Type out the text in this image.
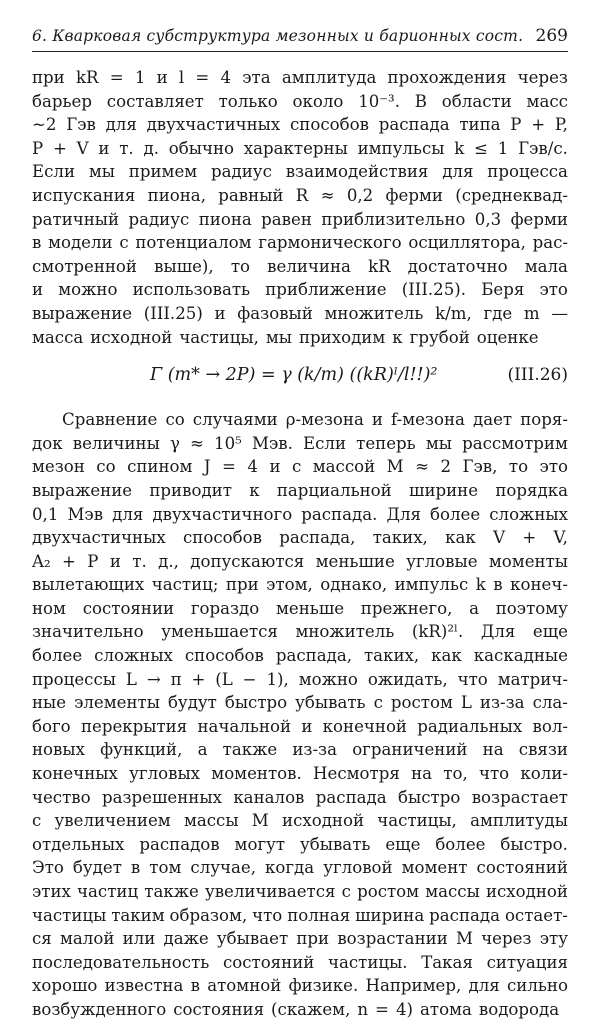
6. Кварковая субструктура мезонных и барионных сост. 269
при kR = 1 и l = 4 эта амплитуда прохождения через
барьер составляет только около 10⁻³. В области масс
~2 Гэв для двухчастичных способов распада типа P + P,
P + V и т. д. обычно характерны импульсы k ≤ 1 Гэв/с.
Если мы примем радиус взаимодействия для процесса
испускания пиона, равный R ≈ 0,2 ферми (среднеквад-
ратичный радиус пиона равен приблизительно 0,3 ферми
в модели с потенциалом гармонического осциллятора, рас-
смотренной выше), то величина kR достаточно мала
и можно использовать приближение (III.25). Беря это
выражение (III.25) и фазовый множитель k/m, где m —
масса исходной частицы, мы приходим к грубой оценке
Γ (m* → 2P) = γ (k/m) ((kR)ˡ/l!!)²	(III.26)
Сравнение со случаями ρ-мезона и f-мезона дает поря-
док величины γ ≈ 10⁵ Мэв. Если теперь мы рассмотрим
мезон со спином J = 4 и с массой M ≈ 2 Гэв, то это
выражение приводит к парциальной ширине порядка
0,1 Мэв для двухчастичного распада. Для более сложных
двухчастичных способов распада, таких, как V + V,
A₂ + P и т. д., допускаются меньшие угловые моменты
вылетающих частиц; при этом, однако, импульс k в конеч-
ном состоянии гораздо меньше прежнего, а поэтому
значительно уменьшается множитель (kR)²ˡ. Для еще
более сложных способов распада, таких, как каскадные
процессы L → π + (L − 1), можно ожидать, что матрич-
ные элементы будут быстро убывать с ростом L из-за сла-
бого перекрытия начальной и конечной радиальных вол-
новых функций, а также из-за ограничений на связи
конечных угловых моментов. Несмотря на то, что коли-
чество разрешенных каналов распада быстро возрастает
с увеличением массы M исходной частицы, амплитуды
отдельных распадов могут убывать еще более быстро.
Это будет в том случае, когда угловой момент состояний
этих частиц также увеличивается с ростом массы исходной
частицы таким образом, что полная ширина распада остает-
ся малой или даже убывает при возрастании M через эту
последовательность состояний частицы. Такая ситуация
хорошо известна в атомной физике. Например, для сильно
возбужденного состояния (скажем, n = 4) атома водорода
